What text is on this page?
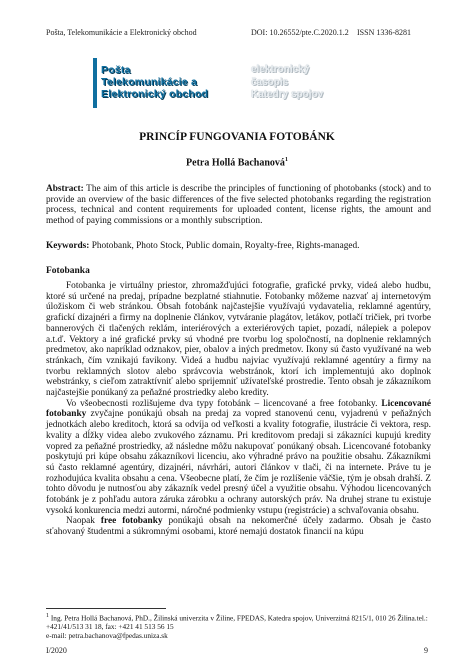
Pošta, Telekomunikácie a Elektronický obchod	DOI: 10.26552/pte.C.2020.1.2 ISSN 1336-8281
Pošta
Telekomunikácie a
Elektronický obchod
elektronický
časopis
Katedry spojov
PRINCÍP FUNGOVANIA FOTOBÁNK
Petra Hollá Bachanová$^1$
Abstract: The aim of this article is describe the principles of functioning of photobanks (stock) and to provide an overview of the basic differences of the five selected photobanks regarding the registration process, technical and content requirements for uploaded content, license rights, the amount and method of paying commissions or a monthly subscription.
Keywords: Photobank, Photo Stock, Public domain, Royalty-free, Rights-managed.
Fotobanka

Fotobanka je virtuálny priestor, zhromažďujúci fotografie, grafické prvky, videá alebo hudbu, ktoré sú určené na predaj, prípadne bezplatné stiahnutie. Fotobanky môžeme nazvať aj internetovým úložiskom či web stránkou. Obsah fotobánk najčastejšie využívajú vydavatelia, reklamné agentúry, grafickí dizajnéri a firmy na doplnenie článkov, vytváranie plagátov, letákov, potlačí tričiek, pri tvorbe bannerových či tlačených reklám, interiérových a exteriérových tapiet, pozadí, nálepiek a polepov a.t.ď. Vektory a iné grafické prvky sú vhodné pre tvorbu log spoločností, na doplnenie reklamných predmetov, ako napríklad odznakov, pier, obalov a iných predmetov. Ikony sú často využívané na web stránkach, čím vznikajú favikony. Videá a hudbu najviac využívajú reklamné agentúry a firmy na tvorbu reklamných slotov alebo správcovia webstránok, ktorí ich implementujú ako doplnok webstránky, s cieľom zatraktívniť alebo sprijemniť užívateľské prostredie. Tento obsah je zákazníkom najčastejšie ponúkaný za peňažné prostriedky alebo kredity.

Vo všeobecnosti rozlišujeme dva typy fotobánk – licencované a free fotobanky. Licencované fotobanky zvyčajne ponúkajú obsah na predaj za vopred stanovenú cenu, vyjadrenú v peňažných jednotkách alebo kreditoch, ktorá sa odvíja od veľkosti a kvality fotografie, ilustrácie či vektora, resp. kvality a dĺžky videa alebo zvukového záznamu. Pri kreditovom predaji si zákazníci kupujú kredity vopred za peňažné prostriedky, až následne môžu nakupovať ponúkaný obsah. Licencované fotobanky poskytujú pri kúpe obsahu zákazníkovi licenciu, ako výhradné právo na použitie obsahu. Zákazníkmi sú často reklamné agentúry, dizajnéri, návrhári, autori článkov v tlači, či na internete. Práve tu je rozhodujúca kvalita obsahu a cena. Všeobecne platí, že čím je rozlíšenie väčšie, tým je obsah drahší. Z tohto dôvodu je nutnosťou aby zákazník vedel presný účel a využitie obsahu. Výhodou licencovaných fotobánk je z pohľadu autora záruka zárobku a ochrany autorských práv. Na druhej strane tu existuje vysoká konkurencia medzi autormi, náročné podmienky vstupu (registrácie) a schvaľovania obsahu.

Naopak free fotobanky ponúkajú obsah na nekomerčné účely zadarmo. Obsah je často sťahovaný študentmi a súkromnými osobami, ktoré nemajú dostatok financií na kúpu

$^1$ Ing. Petra Hollá Bachanová, PhD., Žilinská univerzita v Žiline, FPEDAS, Katedra spojov, Univerzitná 8215/1, 010 26 Žilina.tel.: +421/41/513 31 18, fax: +421 41 513 56 15
e-mail: petra.bachanova@fpedas.uniza.sk
I/2020	9
